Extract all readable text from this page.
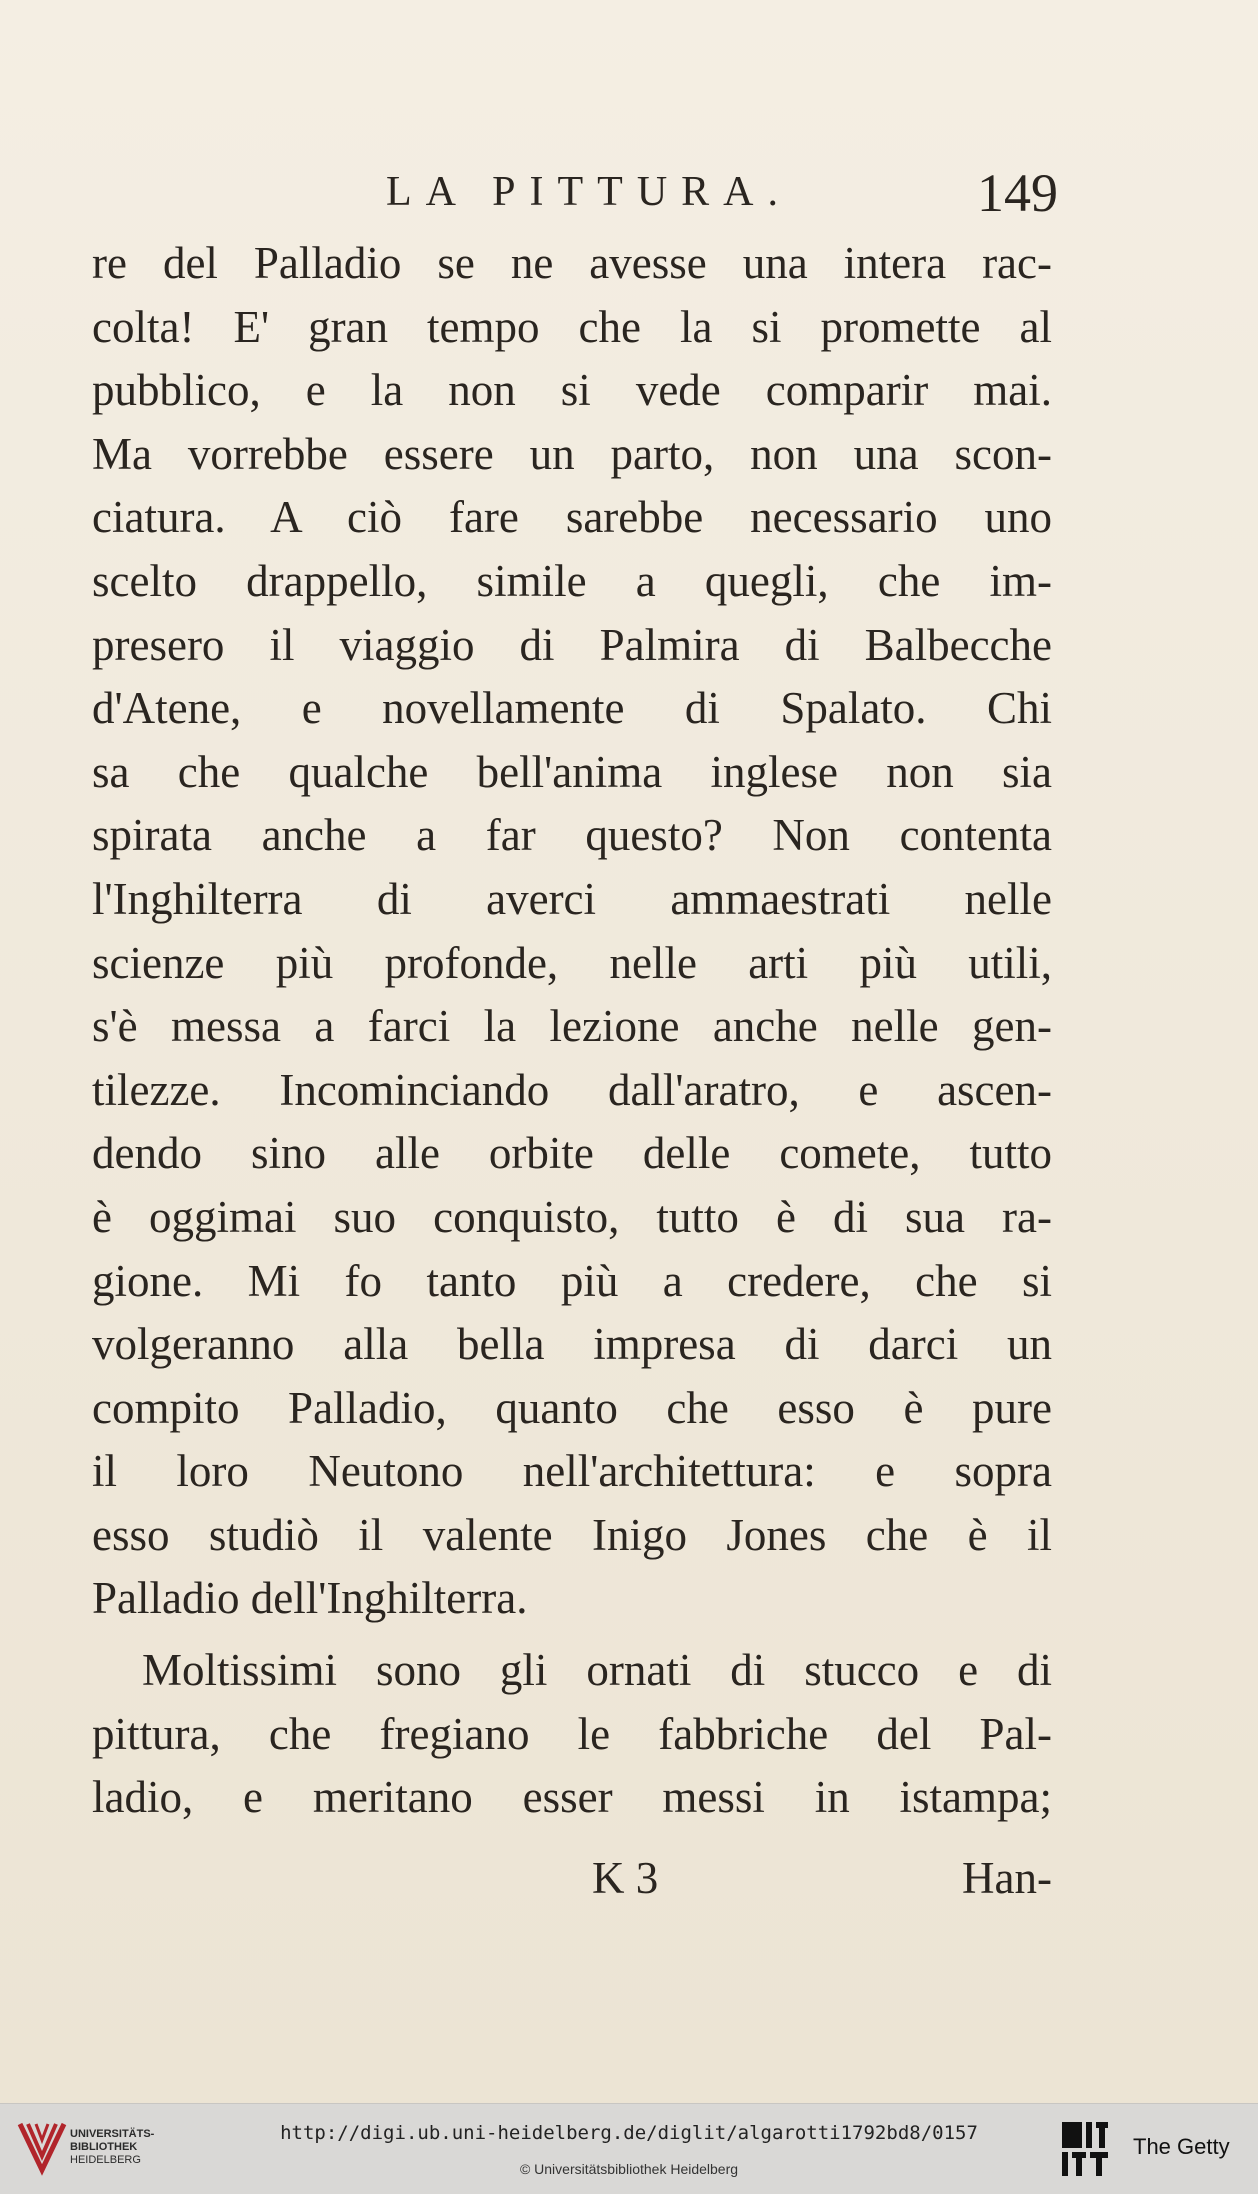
LA PITTURA.	149
re del Palladio se ne avesse una intera rac-
colta! E' gran tempo che la si promette al
pubblico, e la non si vede comparir mai.
Ma vorrebbe essere un parto, non una scon-
ciatura. A ciò fare sarebbe necessario uno
scelto drappello, simile a quegli, che im-
presero il viaggio di Palmira di Balbecche
d'Atene, e novellamente di Spalato. Chi
sa che qualche bell'anima inglese non sia
spirata anche a far questo? Non contenta
l'Inghilterra di averci ammaestrati nelle
scienze più profonde, nelle arti più utili,
s'è messa a farci la lezione anche nelle gen-
tilezze. Incominciando dall'aratro, e ascen-
dendo sino alle orbite delle comete, tutto
è oggimai suo conquisto, tutto è di sua ra-
gione. Mi fo tanto più a credere, che si
volgeranno alla bella impresa di darci un
compito Palladio, quanto che esso è pure
il loro Neutono nell'architettura: e sopra
esso studiò il valente Inigo Jones che è il
Palladio dell'Inghilterra.
Moltissimi sono gli ornati di stucco e di
pittura, che fregiano le fabbriche del Pal-
ladio, e meritano esser messi in istampa;
K 3	Han-
UNIVERSITÄTS-
BIBLIOTHEK
HEIDELBERG
http://digi.ub.uni-heidelberg.de/diglit/algarotti1792bd8/0157
© Universitätsbibliothek Heidelberg
The Getty
